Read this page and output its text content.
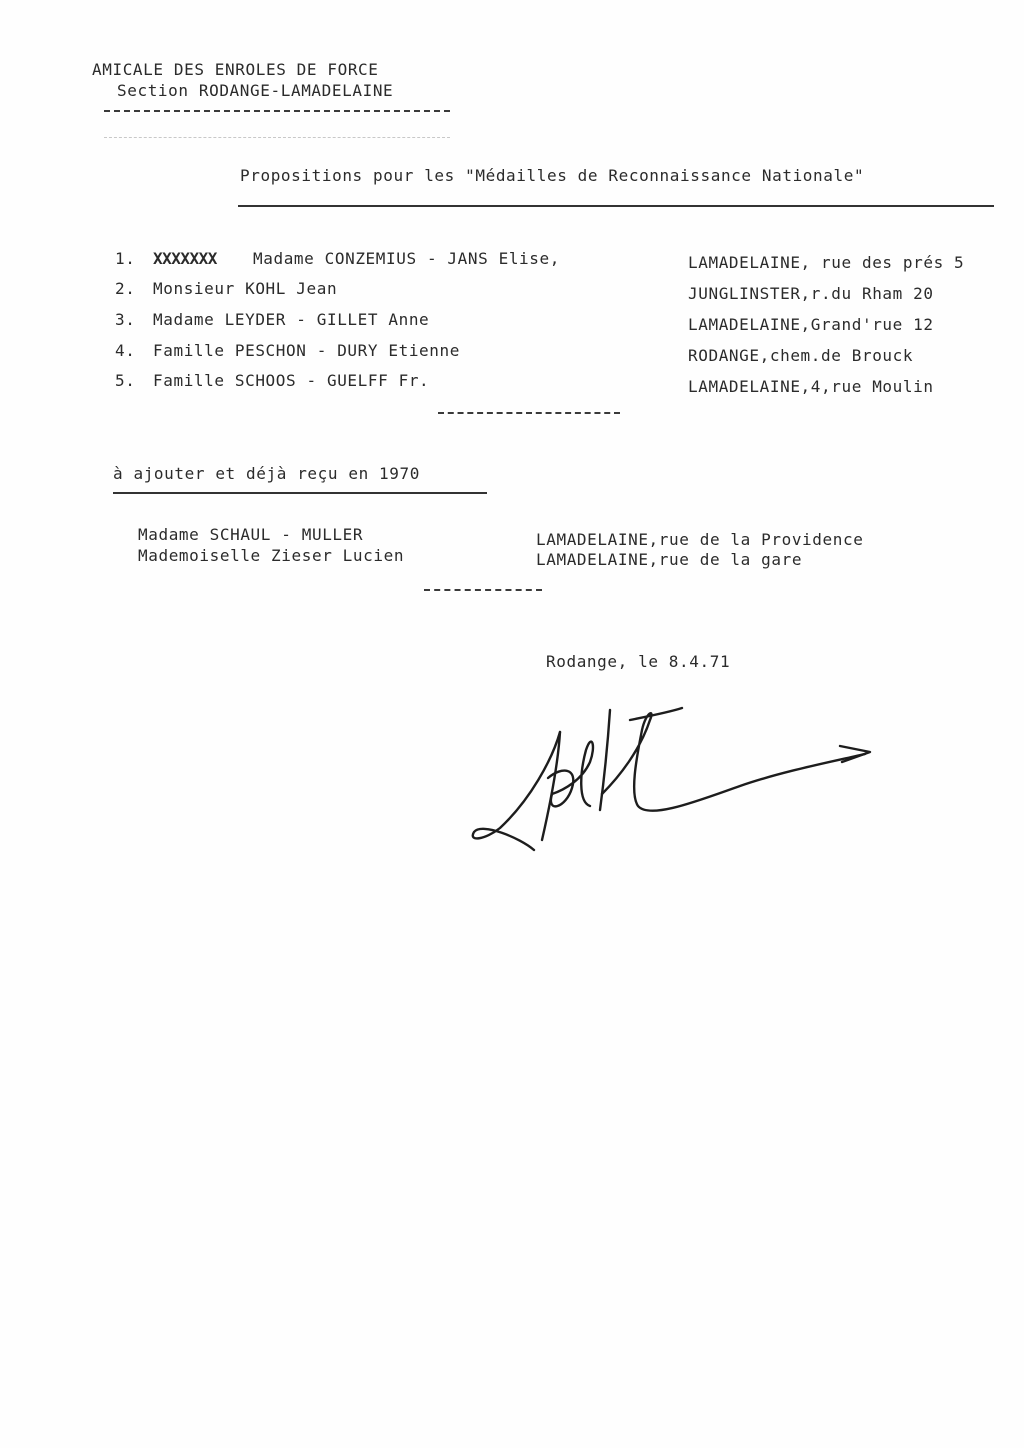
AMICALE DES ENROLES DE FORCE
Section RODANGE-LAMADELAINE
Propositions pour les "Médailles de Reconnaissance Nationale"
1. XXXXXXX Madame CONZEMIUS - JANS Elise,	LAMADELAINE, rue des prés 5
2. Monsieur KOHL Jean	JUNGLINSTER,r.du Rham 20
3. Madame LEYDER - GILLET Anne	LAMADELAINE,Grand'rue 12
4. Famille PESCHON - DURY Etienne	RODANGE,chem.de Brouck
5. Famille SCHOOS - GUELFF Fr.	LAMADELAINE,4,rue Moulin
à ajouter et déjà reçu en 1970
Madame SCHAUL - MULLER	LAMADELAINE,rue de la Providence
Mademoiselle Zieser Lucien	LAMADELAINE,rue de la gare
Rodange, le 8.4.71
